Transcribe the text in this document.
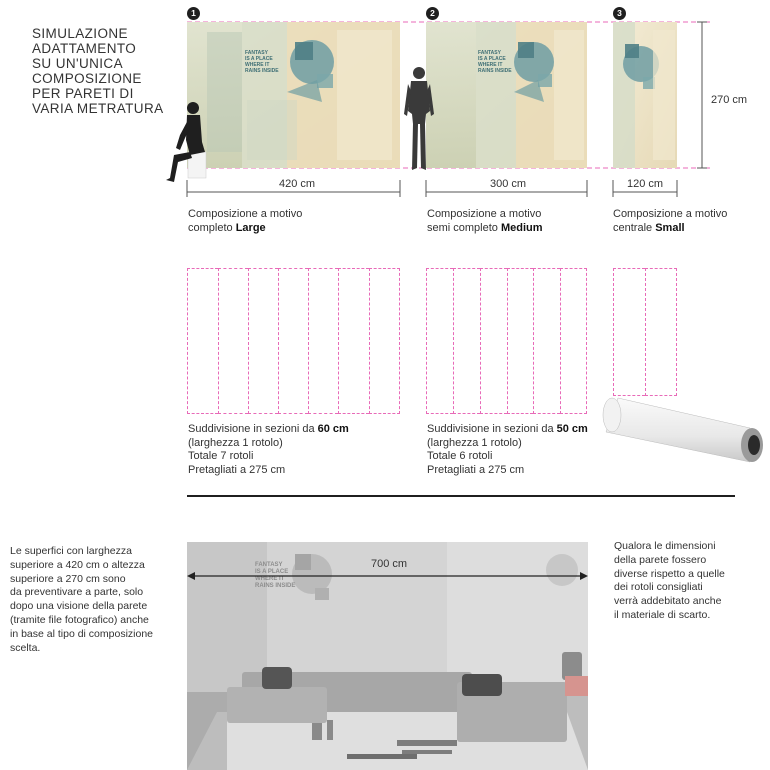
SIMULAZIONE
ADATTAMENTO
SU UN'UNICA
COMPOSIZIONE
PER PARETI DI
VARIA METRATURA
1	2	3
FANTASY
IS A PLACE
WHERE IT
RAINS INSIDE
FANTASY
IS A PLACE
WHERE IT
RAINS INSIDE
270 cm
420 cm	300 cm	120 cm
Composizione a motivo
completo Large
Composizione a motivo
semi completo Medium
Composizione a motivo
centrale Small
Suddivisione in sezioni da 60 cm
(larghezza 1 rotolo)
Totale 7 rotoli
Pretagliati a 275 cm
Suddivisione in sezioni da 50 cm
(larghezza 1 rotolo)
Totale 6 rotoli
Pretagliati a 275 cm
Le superfici con larghezza
superiore a 420 cm o altezza
superiore a 270 cm sono
da preventivare a parte, solo
dopo una visione della parete
(tramite file fotografico) anche
in base al tipo di composizione
scelta.
FANTASY
IS A PLACE
WHERE IT
RAINS INSIDE
700 cm
Qualora le dimensioni
della parete fossero
diverse rispetto a quelle
dei rotoli consigliati
verrà addebitato anche
il materiale di scarto.
